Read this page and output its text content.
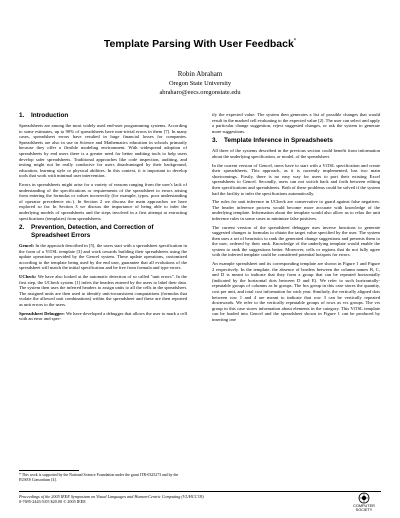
Template Parsing With User Feedback*
Robin Abraham
Oregon State University
abraharo@eecs.oregonstate.edu
1.	Introduction
Spreadsheets are among the most widely used end-user programming systems. According to some estimates, up to 90% of spreadsheets have non-trivial errors in them [7]. In many cases, spreadsheet errors have resulted in huge financial losses for companies. Spreadsheets are also in use in Science and Mathematics education in schools primarily because they offer a flexible modeling environment. With widespread adoption of spreadsheets by end users there is a greater need for better auditing tools to help users develop safer spreadsheets. Traditional approaches like code inspection, auditing, and testing might not be really conducive for users disadvantaged by their background, education, learning style or physical abilities. In this context, it is important to develop tools that work with minimal user intervention.
Errors in spreadsheets might arise for a variety of reasons ranging from the user's lack of understanding of the specifications or requirements of the spreadsheet to errors arising from entering the formulas or values incorrectly (for example, typos, poor understanding of operator precedence etc.). In Section 2 we discuss the main approaches we have explored so far. In Section 3 we discuss the importance of being able to infer the underlying models of spreadsheets and the steps involved in a first attempt at extracting specifications (templates) from spreadsheets.
2.	Prevention, Detection, and Correction of Spreadsheet Errors
Gencel: In the approach described in [5], the users start with a spreadsheet specification in the form of a ViTSL template [3] and work towards building their spreadsheets using the update operations provided by the Gencel system. These update operations, customized according to the template being used by the end user, guarantee that all evolutions of the spreadsheet will match the initial specification and be free from formula and type errors.
UCheck: We have also looked at the automatic detection of so called "unit errors". In the first step, the UCheck system [1] infers the headers entered by the users to label their data. The system then uses the inferred headers to assign units to all the cells in the spreadsheet. The assigned units are then used to identify unit-inconsistent computations (formulas that violate the allowed unit combinations) within the spreadsheet and these are then reported as unit errors to the users.
Spreadsheet Debugger: We have developed a debugger that allows the user to mark a cell with an error and spec-
ify the expected value. The system then generates a list of possible changes that would result in the marked cell evaluating to the expected value [2]. The user can select and apply a particular change suggestion, reject suggested changes, or ask the system to generate more suggestions.
3.	Template Inference in Spreadsheets
All three of the systems described in the previous section could benefit from information about the underlying specification, or model, of the spreadsheet.
In the current version of Gencel, users have to start with a ViTSL specification and create their spreadsheets. This approach, as it is currently implemented, has two main shortcomings. Firstly, there is no easy way for users to port their existing Excel spreadsheets to Gencel. Secondly, users can not switch back and forth between editing their specifications and spreadsheets. Both of these problems could be solved if the system had the facility to infer the specifications automatically.
The rules for unit inference in UCheck are conservative to guard against false negatives. The header inference process would become more accurate with knowledge of the underlying template. Information about the template would also allow us to relax the unit inference rules in some cases to minimize false positives.
The current version of the spreadsheet debugger uses inverse functions to generate suggested changes to formulas to obtain the target value specified by the user. The system then uses a set of heuristics to rank the generated change suggestions and presents them to the user, ordered by their rank. Knowledge of the underlying template would enable the system to rank the suggestions better. Moreover, cells or regions that do not fully agree with the inferred template could be considered potential hotspots for errors.
An example spreadsheet and its corresponding template are shown in Figure 1 and Figure 2 respectively. In the template, the absence of borders between the column names B, C, and D is meant to indicate that they form a group that can be repeated horizontally (indicated by the horizontal dots between D and E). We refer to such horizontally-repeatable groups of columns as hr groups. The hcs group in this case stores the quantity, cost per unit, and total cost information for each year. Similarly, the vertically aligned dots between row 1 and 4 are meant to indicate that row 3 can be vertically repeated downwards. We refer to the vertically repeatable groups of rows as vrs groups. The vrs group in this case stores information about elements in the category. This ViTSL template can be loaded into Gencel and the spreadsheet shown in Figure 1 can be produced by inserting one
* This work is supported by the National Science Foundation under the grant ITR-0325273 and by the EUSES Consortium [4].
Proceedings of the 2005 IEEE Symposium on Visual Languages and Human-Centric Computing (VL/HCC'05)
0-7695-2443-5/05 $20.00 © 2005 IEEE
COMPUTER
SOCIETY
